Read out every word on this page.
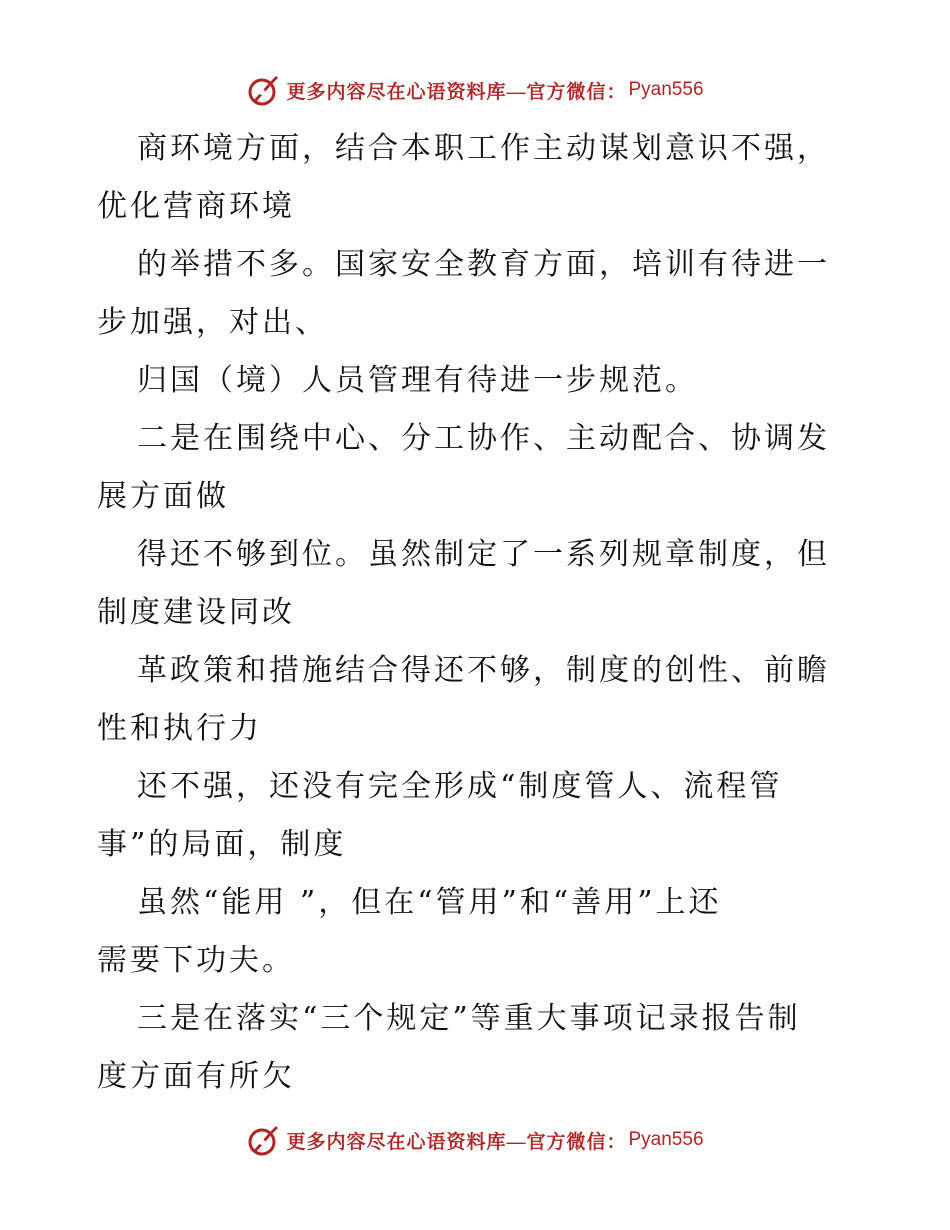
更多内容尽在心语资料库—官方微信： Pyan556

商环境方面，结合本职工作主动谋划意识不强，

优化营商环境

的举措不多。国家安全教育方面，培训有待进一

步加强，对出、

归国（境）人员管理有待进一步规范。

二是在围绕中心、分工协作、主动配合、协调发

展方面做

得还不够到位。虽然制定了一系列规章制度，但

制度建设同改

革政策和措施结合得还不够，制度的创性、前瞻

性和执行力

还不强，还没有完全形成“制度管人、流程管

事”的局面，制度

虽然“能用 ”，但在“管用”和“善用”上还

需要下功夫。

三是在落实“三个规定”等重大事项记录报告制

度方面有所欠

更多内容尽在心语资料库—官方微信： Pyan556
